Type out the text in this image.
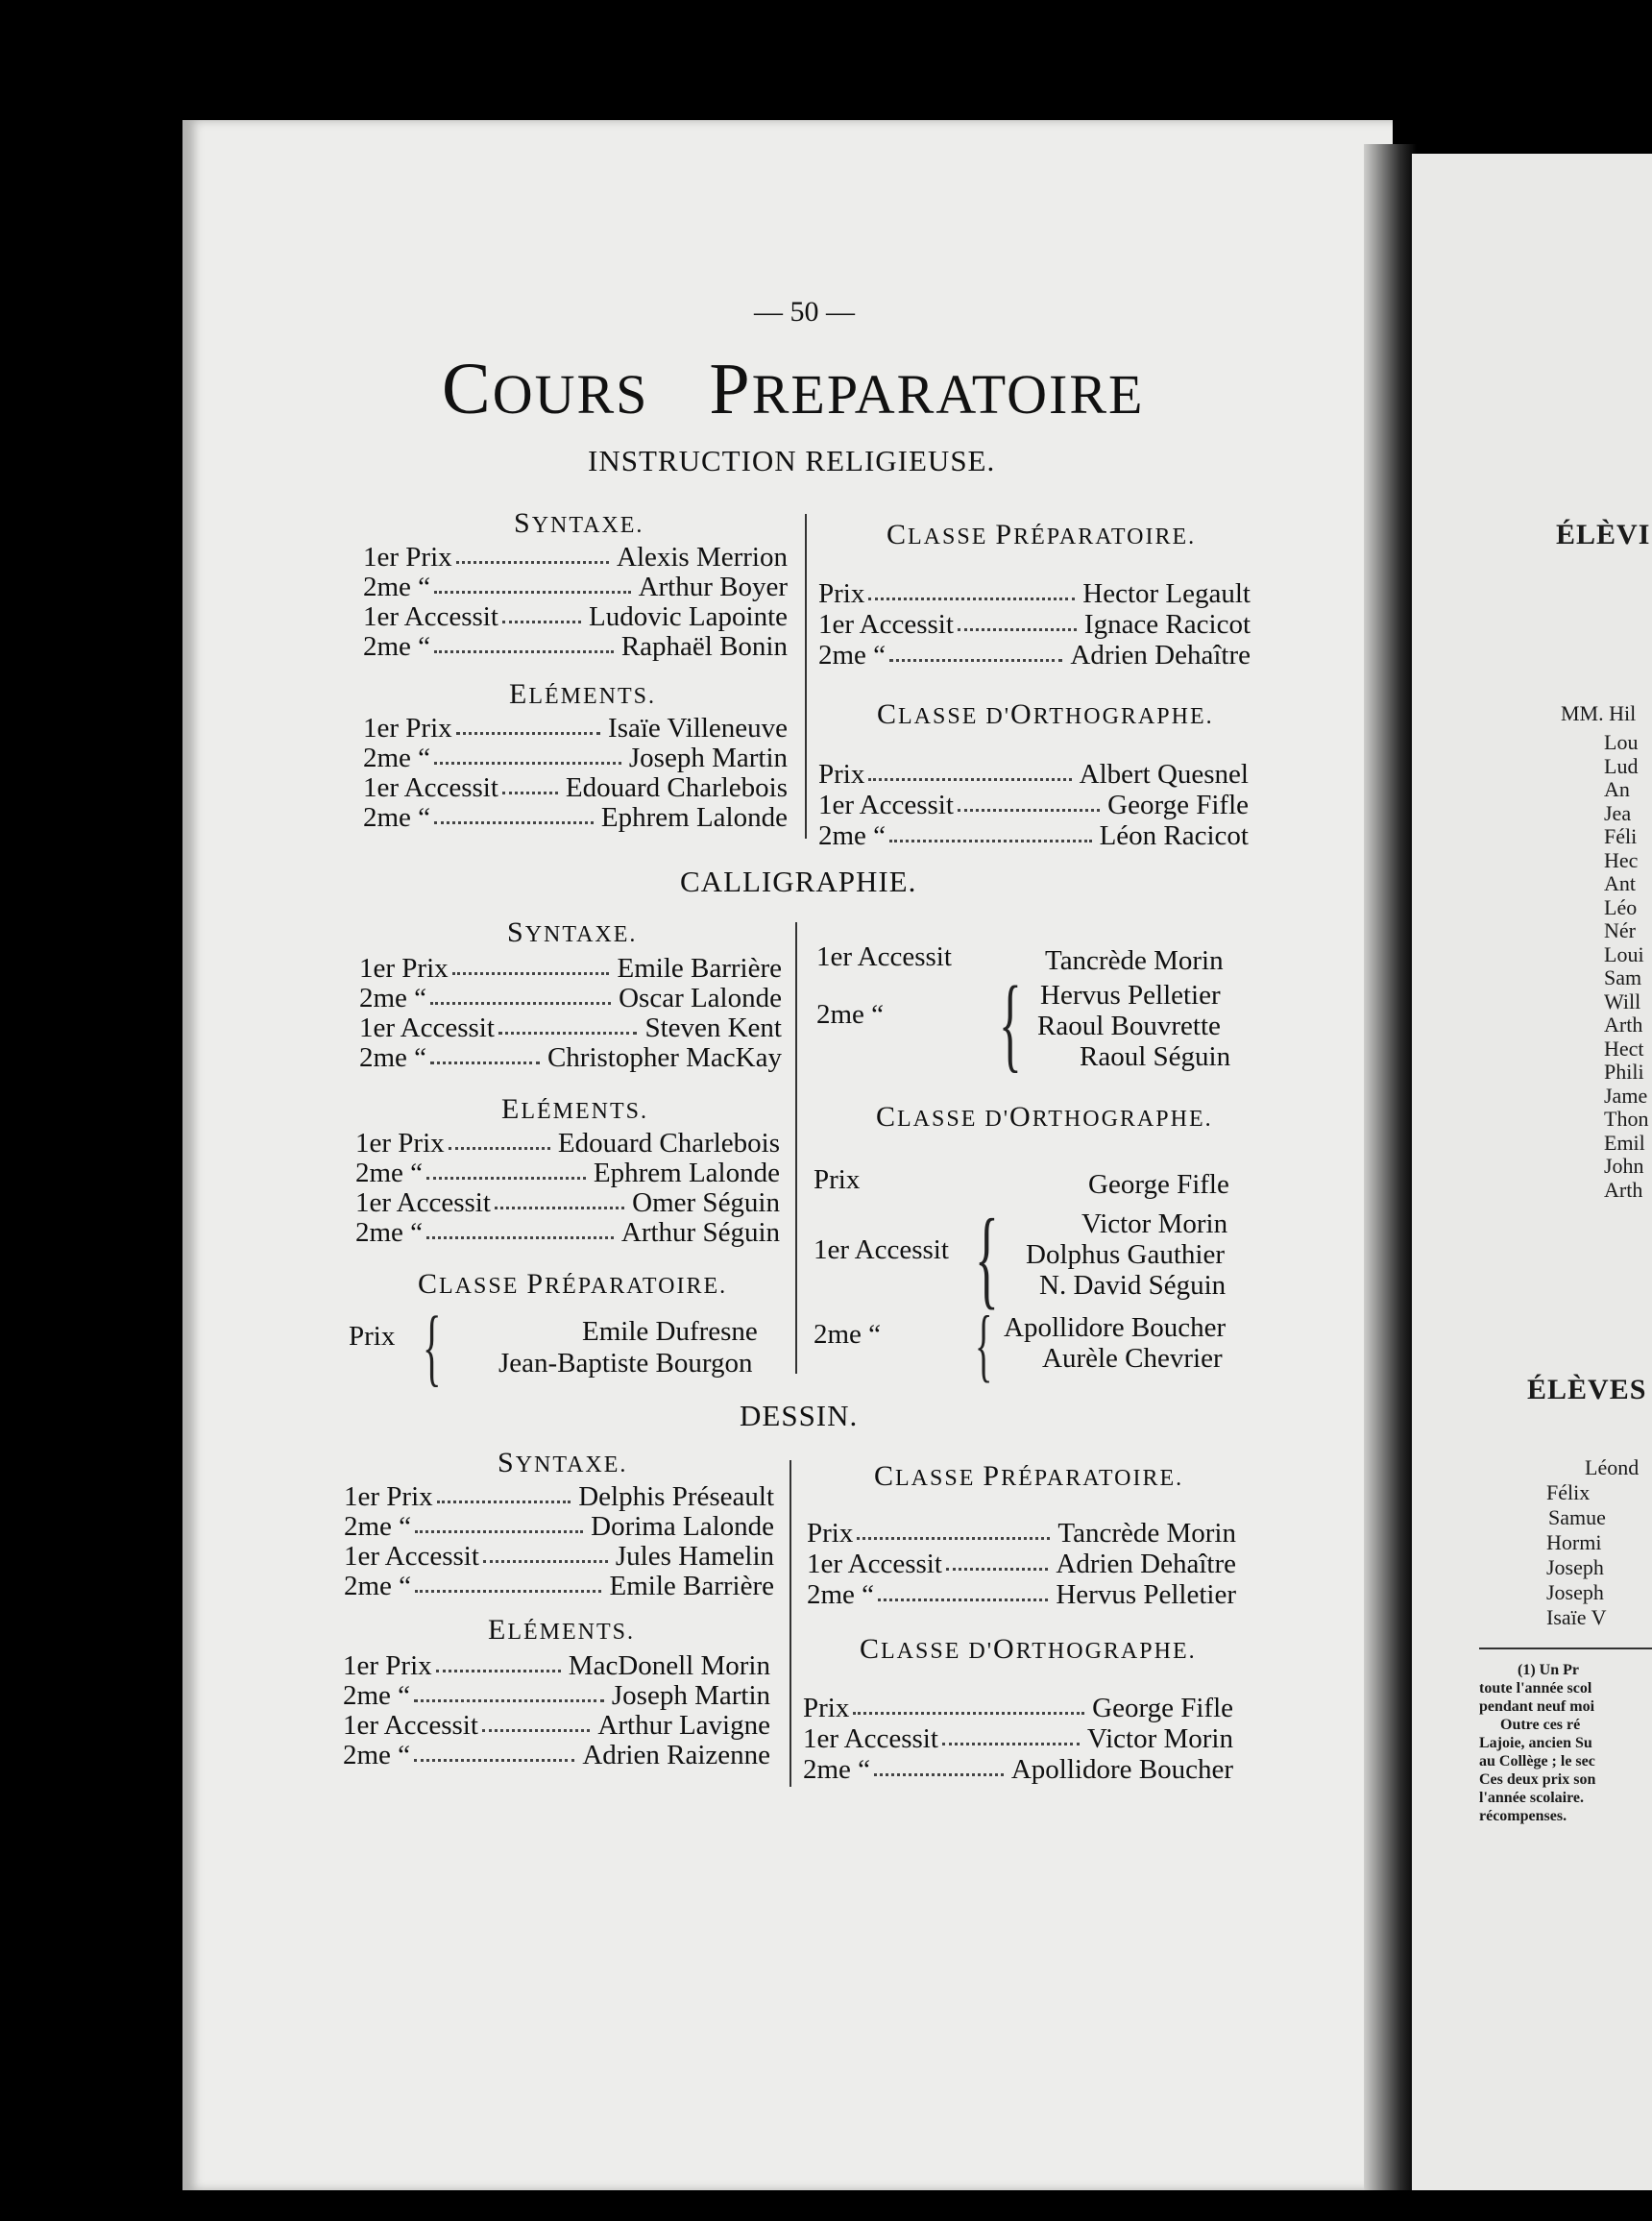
ÉLÈVI
MM. Hil
Lou
Lud
An
Jea
Féli
Hec
Ant
Léo
Nér
Loui
Sam
Will
Arth
Hect
Phili
Jame
Thon
Emil
John
Arth
ÉLÈVES
Léond
Félix
Samue
Hormi
Joseph
Joseph
Isaïe V
(1) Un Pr
toute l'année scol
pendant neuf moi
Outre ces ré
Lajoie, ancien Su
au Collège ; le sec
Ces deux prix son
l'année scolaire.
récompenses.
— 50 —
COURS PREPARATOIRE
INSTRUCTION RELIGIEUSE.
SYNTAXE.
1er Prix	Alexis Merrion
2me “	Arthur Boyer
1er Accessit	Ludovic Lapointe
2me “	Raphaël Bonin
ELÉMENTS.
1er Prix	Isaïe Villeneuve
2me “	Joseph Martin
1er Accessit Edouard Charlebois
2me “	Ephrem Lalonde
CLASSE PRÉPARATOIRE.
Prix	Hector Legault
1er Accessit	Ignace Racicot
2me “	Adrien Dehaître
CLASSE D'ORTHOGRAPHE.
Prix	Albert Quesnel
1er Accessit	George Fifle
2me “	Léon Racicot
CALLIGRAPHIE.
SYNTAXE.
1er Prix	Emile Barrière
2me “	Oscar Lalonde
1er Accessit	Steven Kent
2me “	Christopher MacKay
ELÉMENTS.
1er Prix	Edouard Charlebois
2me “	Ephrem Lalonde
1er Accessit	Omer Séguin
2me “	Arthur Séguin
CLASSE PRÉPARATOIRE.
Prix {	Emile Dufresne
Jean-Baptiste Bourgon
1er Accessit	Tancrède Morin
2me “ { Hervus Pelletier
Raoul Bouvrette
Raoul Séguin
CLASSE D'ORTHOGRAPHE.
Prix	George Fifle
1er Accessit {	Victor Morin
Dolphus Gauthier
N. David Séguin
2me “ { Apollidore Boucher
Aurèle Chevrier
DESSIN.
SYNTAXE.
1er Prix	Delphis Préseault
2me “	Dorima Lalonde
1er Accessit	Jules Hamelin
2me “	Emile Barrière
ELÉMENTS.
1er Prix	MacDonell Morin
2me “	Joseph Martin
1er Accessit	Arthur Lavigne
2me “	Adrien Raizenne
CLASSE PRÉPARATOIRE.
Prix	Tancrède Morin
1er Accessit	Adrien Dehaître
2me “	Hervus Pelletier
CLASSE D'ORTHOGRAPHE.
Prix	George Fifle
1er Accessit	Victor Morin
2me “	Apollidore Boucher
